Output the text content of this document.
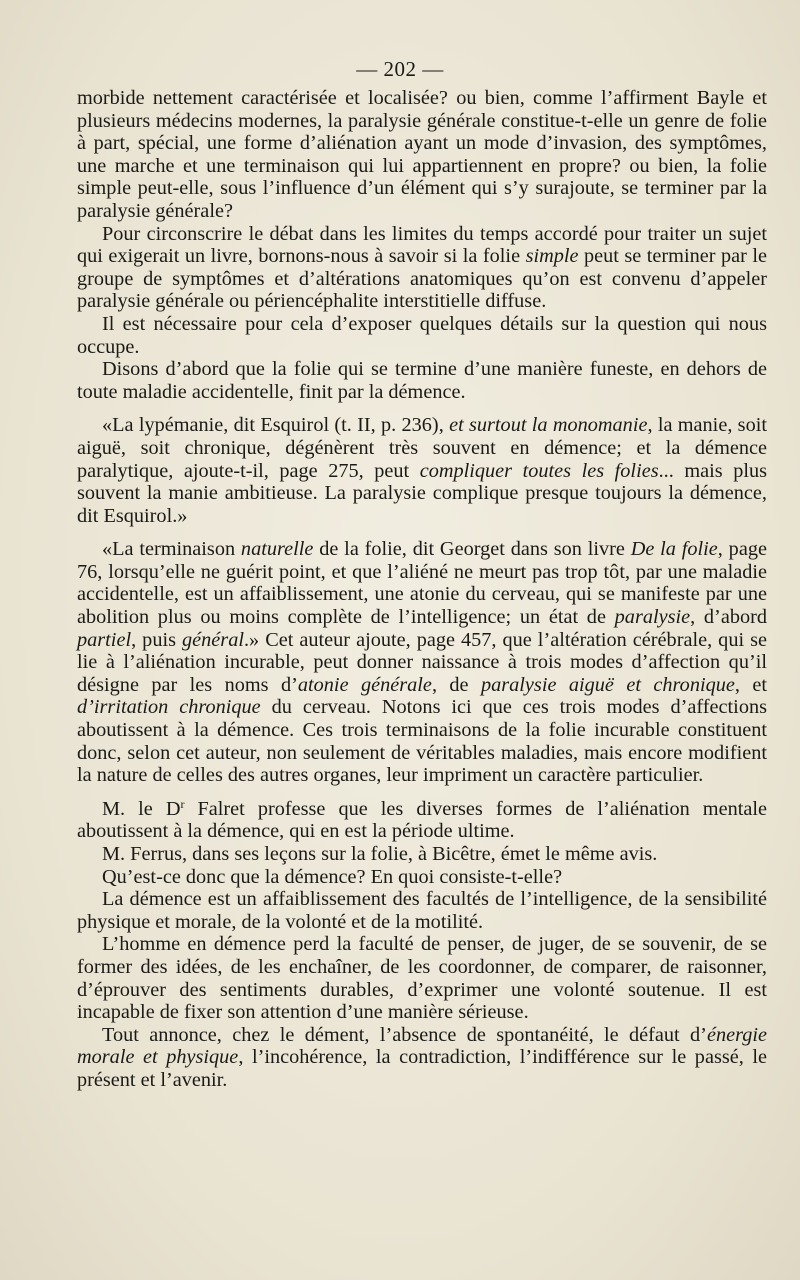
— 202 —

morbide nettement caractérisée et localisée? ou bien, comme l’affirment Bayle et plusieurs médecins modernes, la paralysie générale constitue-t-elle un genre de folie à part, spécial, une forme d’aliénation ayant un mode d’invasion, des symptômes, une marche et une terminaison qui lui appartiennent en propre? ou bien, la folie simple peut-elle, sous l’influence d’un élément qui s’y surajoute, se terminer par la paralysie générale?

Pour circonscrire le débat dans les limites du temps accordé pour traiter un sujet qui exigerait un livre, bornons-nous à savoir si la folie simple peut se terminer par le groupe de symptômes et d’altérations anatomiques qu’on est convenu d’appeler paralysie générale ou périencéphalite interstitielle diffuse.

Il est nécessaire pour cela d’exposer quelques détails sur la question qui nous occupe.

Disons d’abord que la folie qui se termine d’une manière funeste, en dehors de toute maladie accidentelle, finit par la démence.

«La lypémanie, dit Esquirol (t. II, p. 236), et surtout la monomanie, la manie, soit aiguë, soit chronique, dégénèrent très souvent en démence; et la démence paralytique, ajoute-t-il, page 275, peut compliquer toutes les folies... mais plus souvent la manie ambitieuse. La paralysie complique presque toujours la démence, dit Esquirol.»

«La terminaison naturelle de la folie, dit Georget dans son livre De la folie, page 76, lorsqu’elle ne guérit point, et que l’aliéné ne meurt pas trop tôt, par une maladie accidentelle, est un affaiblissement, une atonie du cerveau, qui se manifeste par une abolition plus ou moins complète de l’intelligence; un état de paralysie, d’abord partiel, puis général.» Cet auteur ajoute, page 457, que l’altération cérébrale, qui se lie à l’aliénation incurable, peut donner naissance à trois modes d’affection qu’il désigne par les noms d’atonie générale, de paralysie aiguë et chronique, et d’irritation chronique du cerveau. Notons ici que ces trois modes d’affections aboutissent à la démence. Ces trois terminaisons de la folie incurable constituent donc, selon cet auteur, non seulement de véritables maladies, mais encore modifient la nature de celles des autres organes, leur impriment un caractère particulier.

M. le $D^r$ Falret professe que les diverses formes de l’aliénation mentale aboutissent à la démence, qui en est la période ultime.

M. Ferrus, dans ses leçons sur la folie, à Bicêtre, émet le même avis.

Qu’est-ce donc que la démence? En quoi consiste-t-elle?

La démence est un affaiblissement des facultés de l’intelligence, de la sensibilité physique et morale, de la volonté et de la motilité.

L’homme en démence perd la faculté de penser, de juger, de se souvenir, de se former des idées, de les enchaîner, de les coordonner, de comparer, de raisonner, d’éprouver des sentiments durables, d’exprimer une volonté soutenue. Il est incapable de fixer son attention d’une manière sérieuse.

Tout annonce, chez le dément, l’absence de spontanéité, le défaut d’énergie morale et physique, l’incohérence, la contradiction, l’indifférence sur le passé, le présent et l’avenir.
